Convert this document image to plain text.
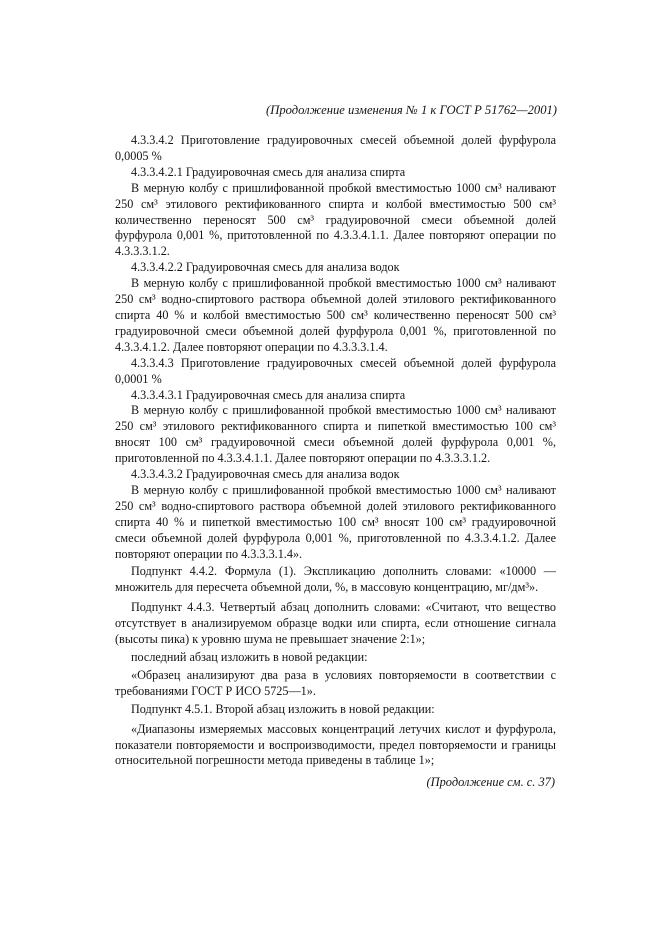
(Продолжение изменения № 1 к ГОСТ Р 51762—2001)

4.3.3.4.2 Приготовление градуировочных смесей объемной долей фурфурола 0,0005 %

4.3.3.4.2.1 Градуировочная смесь для анализа спирта

В мерную колбу с пришлифованной пробкой вместимостью 1000 см³ наливают 250 см³ этилового ректификованного спирта и колбой вместимостью 500 см³ количественно переносят 500 см³ градуировочной смеси объемной долей фурфурола 0,001 %, притотовленной по 4.3.3.4.1.1. Далее повторяют операции по 4.3.3.3.1.2.

4.3.3.4.2.2 Градуировочная смесь для анализа водок

В мерную колбу с пришлифованной пробкой вместимостью 1000 см³ наливают 250 см³ водно-спиртового раствора объемной долей этилового ректификованного спирта 40 % и колбой вместимостью 500 см³ количественно переносят 500 см³ градуировочной смеси объемной долей фурфурола 0,001 %, приготовленной по 4.3.3.4.1.2. Далее повторяют операции по 4.3.3.3.1.4.

4.3.3.4.3 Приготовление градуировочных смесей объемной долей фурфурола 0,0001 %

4.3.3.4.3.1 Градуировочная смесь для анализа спирта

В мерную колбу с пришлифованной пробкой вместимостью 1000 см³ наливают 250 см³ этилового ректификованного спирта и пипеткой вместимостью 100 см³ вносят 100 см³ градуировочной смеси объемной долей фурфурола 0,001 %, приготовленной по 4.3.3.4.1.1. Далее повторяют операции по 4.3.3.3.1.2.

4.3.3.4.3.2 Градуировочная смесь для анализа водок

В мерную колбу с пришлифованной пробкой вместимостью 1000 см³ наливают 250 см³ водно-спиртового раствора объемной долей этилового ректификованного спирта 40 % и пипеткой вместимостью 100 см³ вносят 100 см³ градуировочной смеси объемной долей фурфурола 0,001 %, приготовленной по 4.3.3.4.1.2. Далее повторяют операции по 4.3.3.3.1.4».

Подпункт 4.4.2. Формула (1). Экспликацию дополнить словами: «10000 — множитель для пересчета объемной доли, %, в массовую концентрацию, мг/дм³».

Подпункт 4.4.3. Четвертый абзац дополнить словами: «Считают, что вещество отсутствует в анализируемом образце водки или спирта, если отношение сигнала (высоты пика) к уровню шума не превышает значение 2:1»;

последний абзац изложить в новой редакции:

«Образец анализируют два раза в условиях повторяемости в соответствии с требованиями ГОСТ Р ИСО 5725—1».

Подпункт 4.5.1. Второй абзац изложить в новой редакции:

«Диапазоны измеряемых массовых концентраций летучих кислот и фурфурола, показатели повторяемости и воспроизводимости, предел повторяемости и границы относительной погрешности метода приведены в таблице 1»;

(Продолжение см. с. 37)
